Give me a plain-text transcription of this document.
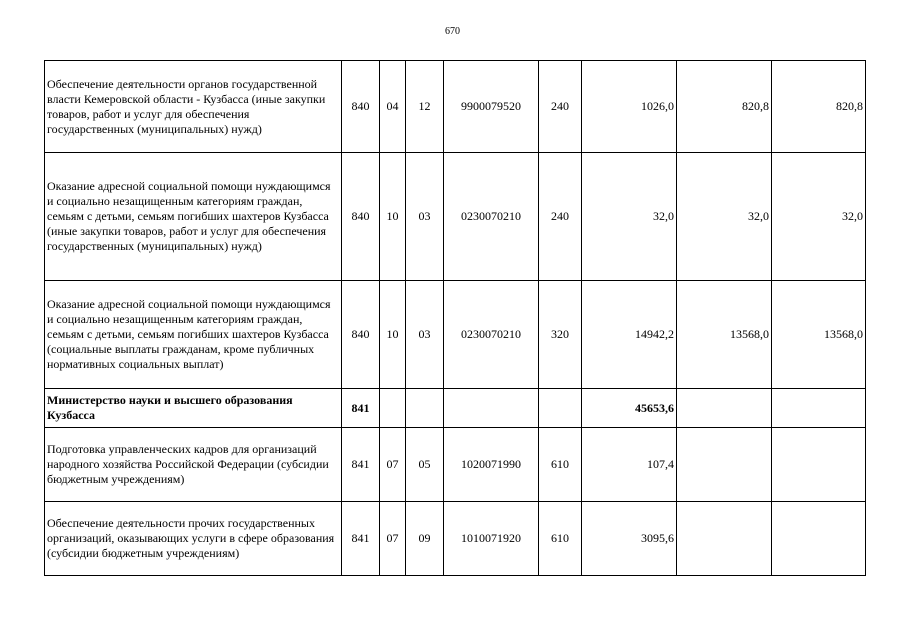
670
Обеспечение деятельности органов государственной власти Кемеровской области - Кузбасса (иные закупки товаров, работ и услуг для обеспечения государственных (муниципальных) нужд)	840	04	12	9900079520	240	1026,0	820,8	820,8
Оказание адресной социальной помощи нуждающимся и социально незащищенным категориям граждан, семьям с детьми, семьям погибших шахтеров Кузбасса (иные закупки товаров, работ и услуг для обеспечения государственных (муниципальных) нужд)	840	10	03	0230070210	240	32,0	32,0	32,0
Оказание адресной социальной помощи нуждающимся и социально незащищенным категориям граждан, семьям с детьми, семьям погибших шахтеров Кузбасса (социальные выплаты гражданам, кроме публичных нормативных социальных выплат)	840	10	03	0230070210	320	14942,2	13568,0	13568,0
Министерство науки и высшего образования Кузбасса	841					45653,6		
Подготовка управленческих кадров для организаций народного хозяйства Российской Федерации (субсидии бюджетным учреждениям)	841	07	05	1020071990	610	107,4		
Обеспечение деятельности прочих государственных организаций, оказывающих услуги в сфере образования (субсидии бюджетным учреждениям)	841	07	09	1010071920	610	3095,6		
